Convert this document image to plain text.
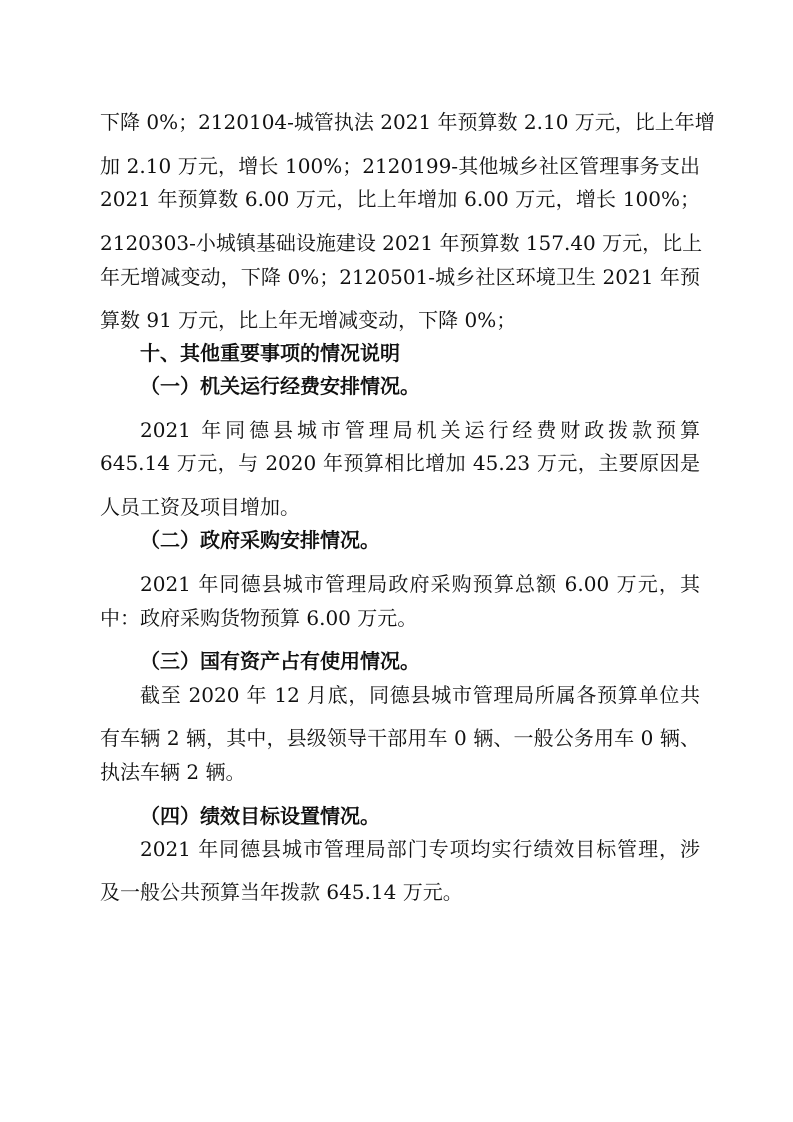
下降 0%；2120104-城管执法 2021 年预算数 2.10 万元，比上年增
加 2.10 万元，增长 100%；2120199-其他城乡社区管理事务支出
2021 年预算数 6.00 万元，比上年增加 6.00 万元，增长 100%；
2120303-小城镇基础设施建设 2021 年预算数 157.40 万元，比上
年无增减变动，下降 0%；2120501-城乡社区环境卫生 2021 年预
算数 91 万元，比上年无增减变动，下降 0%；
十、其他重要事项的情况说明
（一）机关运行经费安排情况。
2021 年同德县城市管理局机关运行经费财政拨款预算
645.14 万元，与 2020 年预算相比增加 45.23 万元，主要原因是
人员工资及项目增加。
（二）政府采购安排情况。
2021 年同德县城市管理局政府采购预算总额 6.00 万元，其
中：政府采购货物预算 6.00 万元。
（三）国有资产占有使用情况。
截至 2020 年 12 月底，同德县城市管理局所属各预算单位共
有车辆 2 辆，其中，县级领导干部用车 0 辆、一般公务用车 0 辆、
执法车辆 2 辆。
（四）绩效目标设置情况。
2021 年同德县城市管理局部门专项均实行绩效目标管理，涉
及一般公共预算当年拨款 645.14 万元。
